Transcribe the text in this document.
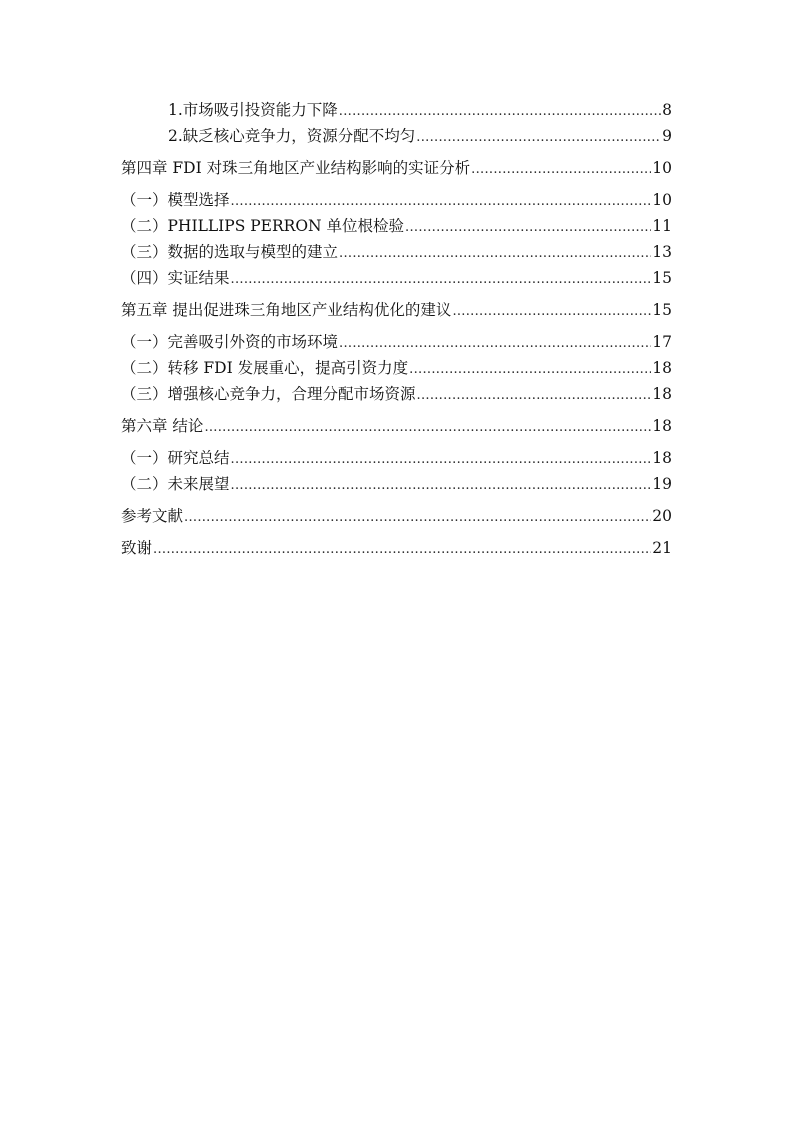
1.市场吸引投资能力下降 .....	8
2.缺乏核心竞争力，资源分配不均匀 .....	9
第四章 FDI 对珠三角地区产业结构影响的实证分析 .....	10
（一）模型选择 .....	10
（二）PHILLIPS PERRON 单位根检验 .....	11
（三）数据的选取与模型的建立 .....	13
（四）实证结果 .....	15
第五章 提出促进珠三角地区产业结构优化的建议 .....	15
（一）完善吸引外资的市场环境 .....	17
（二）转移 FDI 发展重心，提高引资力度 .....	18
（三）增强核心竞争力，合理分配市场资源 .....	18
第六章 结论 .....	18
（一）研究总结 .....	18
（二）未来展望 .....	19
参考文献 .....	20
致谢 .....	21
